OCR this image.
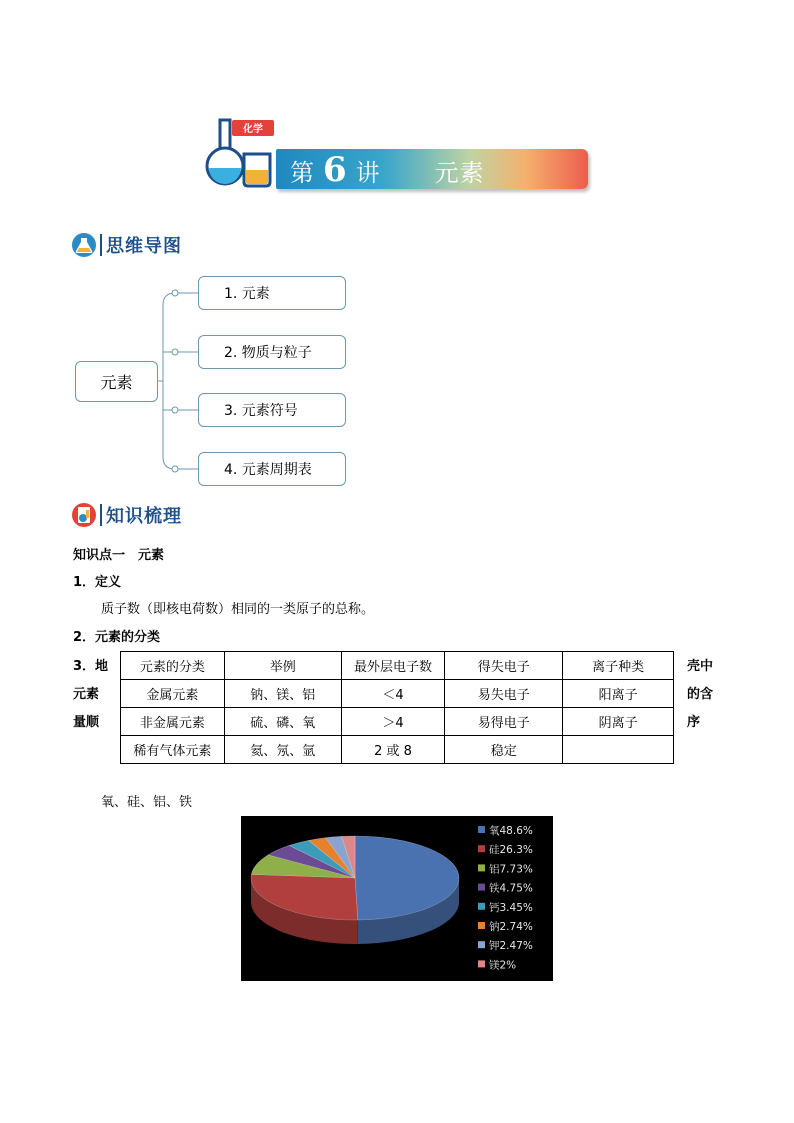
化学
第 6 讲 元素
思维导图
元素
1. 元素
2. 物质与粒子
3. 元素符号
4. 元素周期表
知识梳理
知识点一　元素
1．定义
质子数（即核电荷数）相同的一类原子的总称。
2．元素的分类
3．地
元素
量顺
壳中
的含
序
元素的分类	举例	最外层电子数	得失电子	离子种类
金属元素	钠、镁、铝	＜4	易失电子	阳离子
非金属元素	硫、磷、氧	＞4	易得电子	阴离子
稀有气体元素	氦、氖、氩	2 或 8	稳定	
氧、硅、铝、铁
氧48.6%
硅26.3%
铝7.73%
铁4.75%
钙3.45%
钠2.74%
钾2.47%
镁2%
